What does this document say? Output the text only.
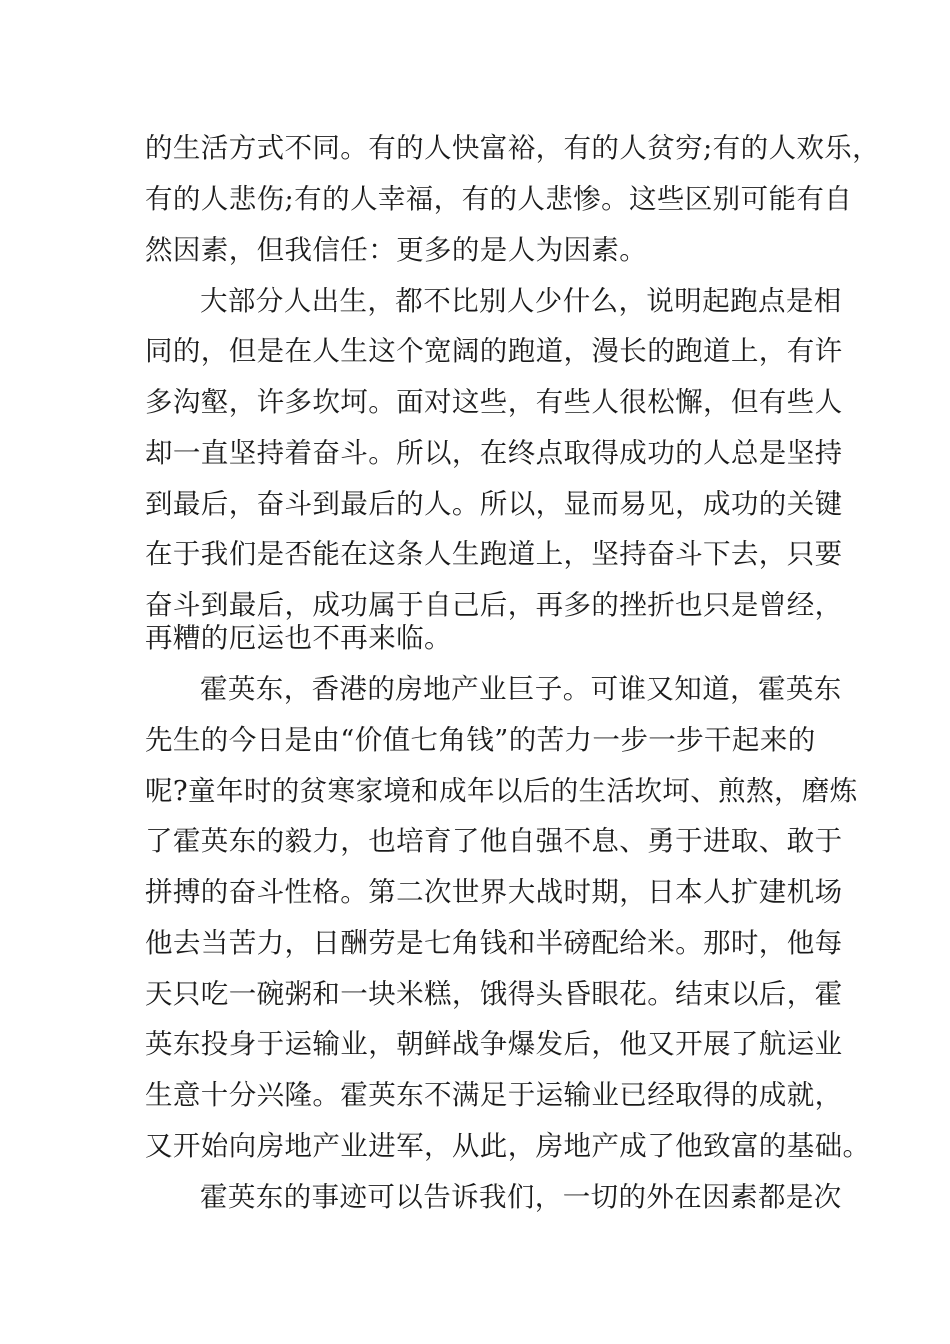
的生活方式不同。有的人快富裕，有的人贫穷;有的人欢乐，
有的人悲伤;有的人幸福，有的人悲惨。这些区别可能有自
然因素，但我信任：更多的是人为因素。
大部分人出生，都不比别人少什么，说明起跑点是相
同的，但是在人生这个宽阔的跑道，漫长的跑道上，有许
多沟壑，许多坎坷。面对这些，有些人很松懈，但有些人
却一直坚持着奋斗。所以，在终点取得成功的人总是坚持
到最后，奋斗到最后的人。所以，显而易见，成功的关键
在于我们是否能在这条人生跑道上，坚持奋斗下去，只要
奋斗到最后，成功属于自己后，再多的挫折也只是曾经，
再糟的厄运也不再来临。
霍英东，香港的房地产业巨子。可谁又知道，霍英东
先生的今日是由“价值七角钱”的苦力一步一步干起来的
呢?童年时的贫寒家境和成年以后的生活坎坷、煎熬，磨炼
了霍英东的毅力，也培育了他自强不息、勇于进取、敢于
拼搏的奋斗性格。第二次世界大战时期，日本人扩建机场
他去当苦力，日酬劳是七角钱和半磅配给米。那时，他每
天只吃一碗粥和一块米糕，饿得头昏眼花。结束以后，霍
英东投身于运输业，朝鲜战争爆发后，他又开展了航运业
生意十分兴隆。霍英东不满足于运输业已经取得的成就，
又开始向房地产业进军，从此，房地产成了他致富的基础。
霍英东的事迹可以告诉我们，一切的外在因素都是次
